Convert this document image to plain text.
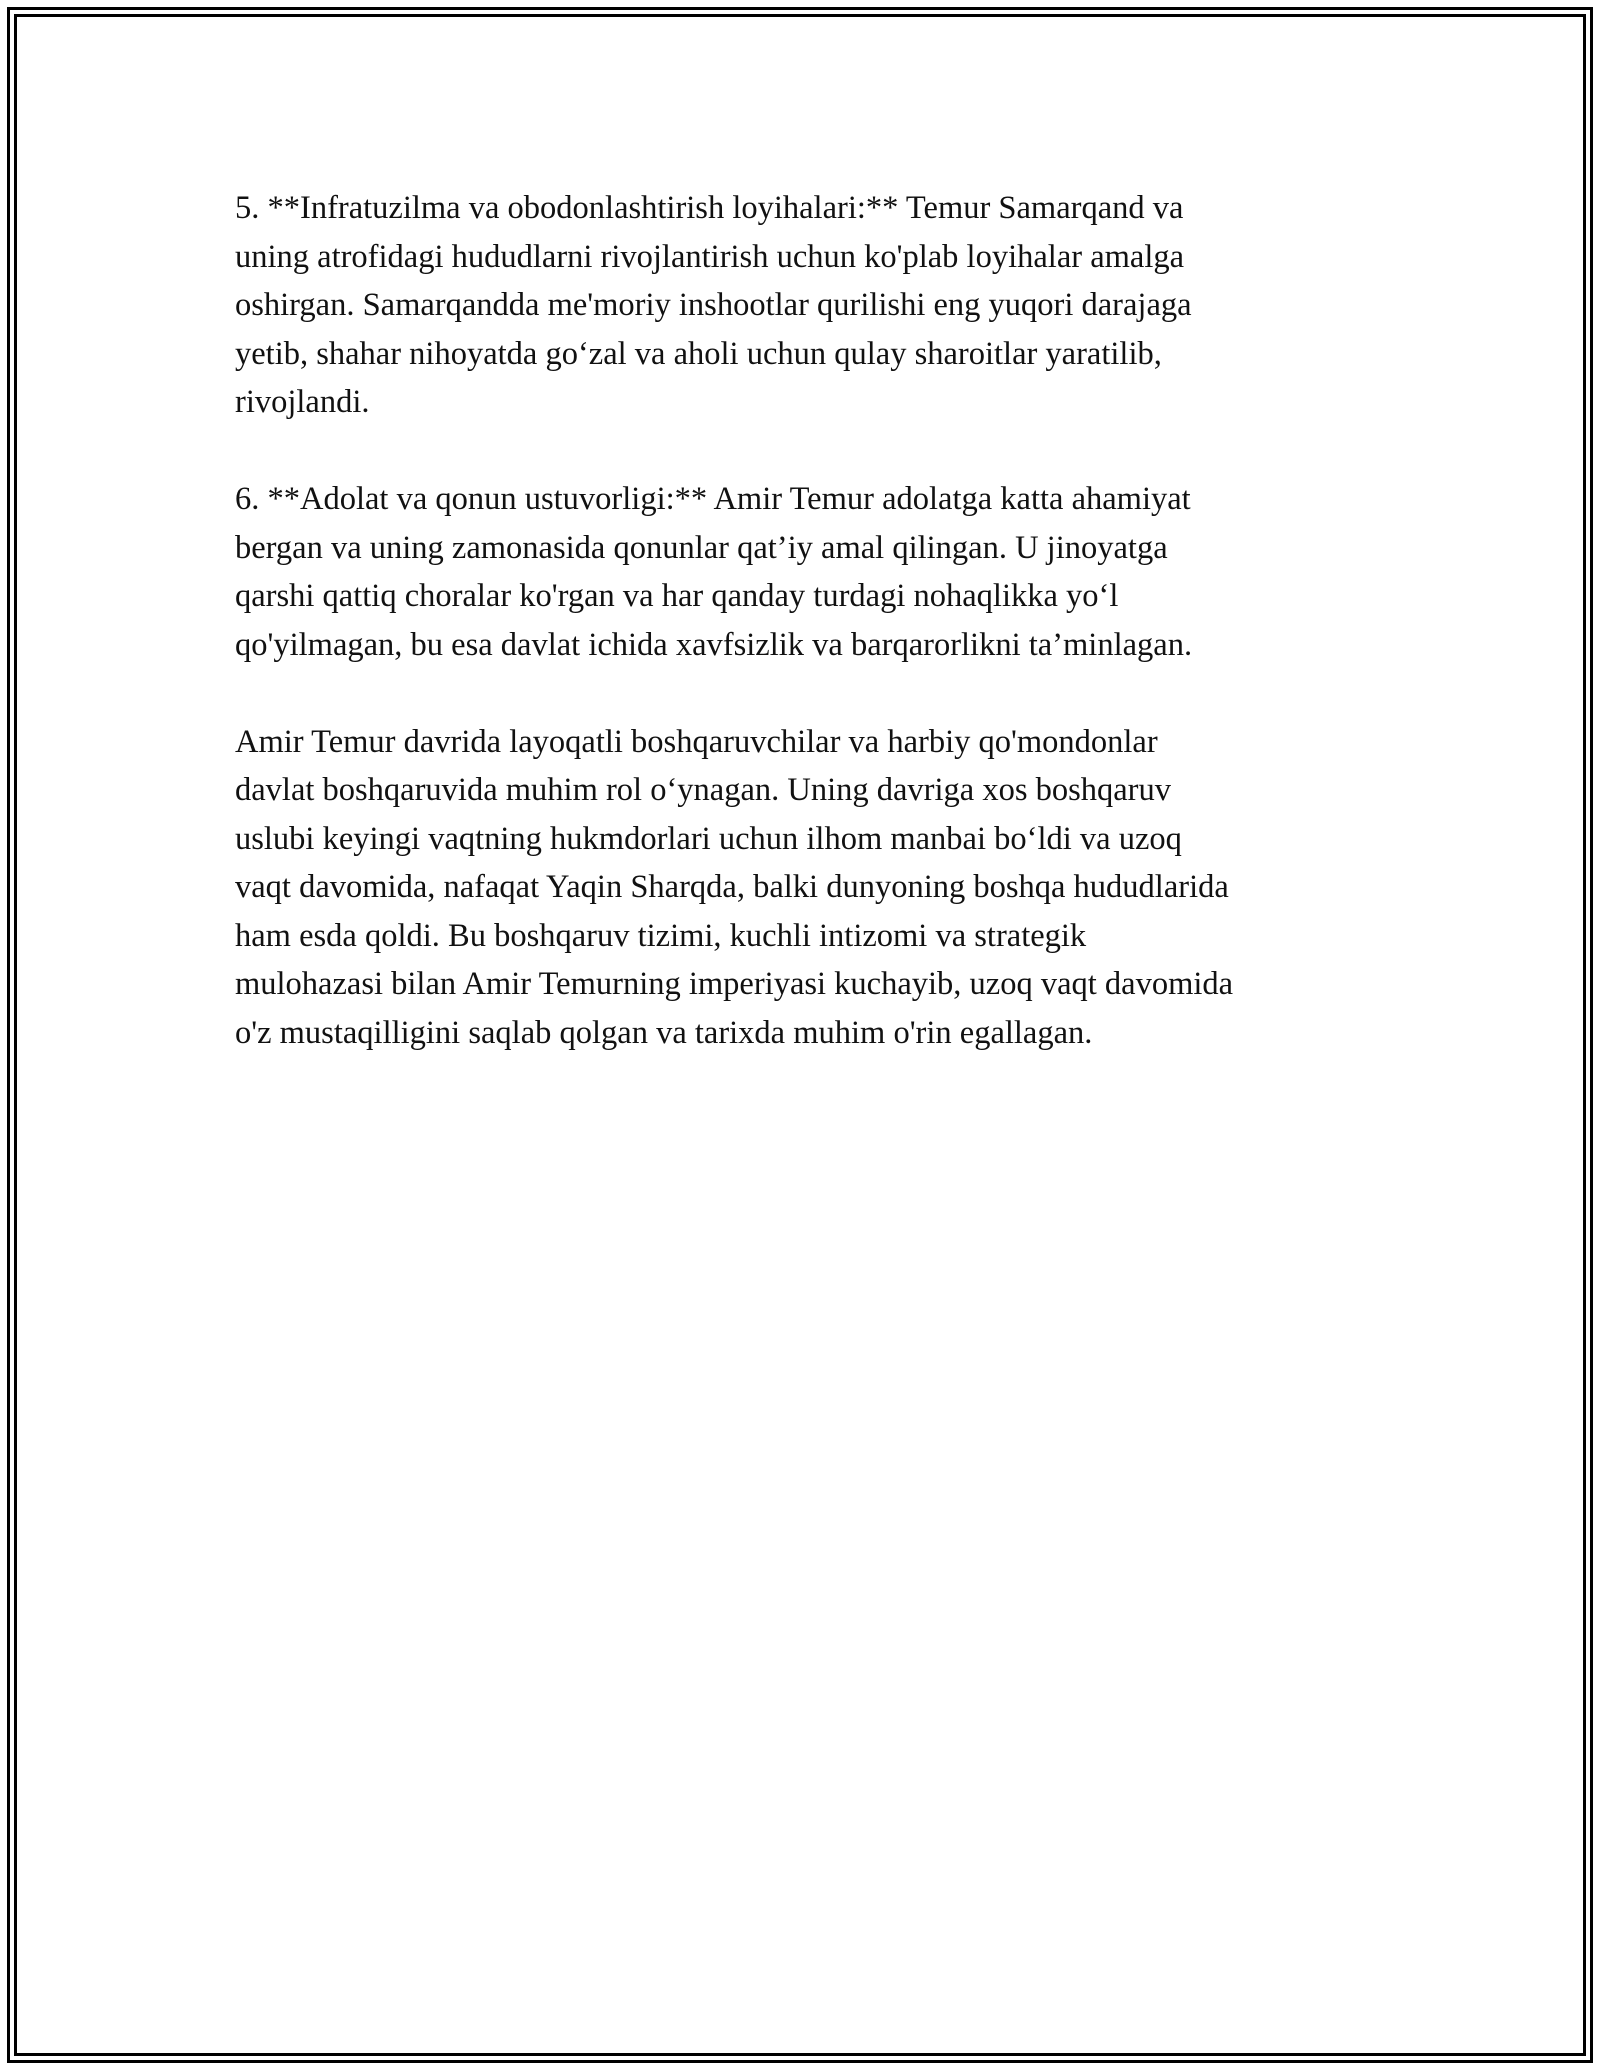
5. **Infratuzilma va obodonlashtirish loyihalari:** Temur Samarqand va
uning atrofidagi hududlarni rivojlantirish uchun ko'plab loyihalar amalga
oshirgan. Samarqandda me'moriy inshootlar qurilishi eng yuqori darajaga
yetib, shahar nihoyatda go‘zal va aholi uchun qulay sharoitlar yaratilib,
rivojlandi.

6. **Adolat va qonun ustuvorligi:** Amir Temur adolatga katta ahamiyat
bergan va uning zamonasida qonunlar qat’iy amal qilingan. U jinoyatga
qarshi qattiq choralar ko'rgan va har qanday turdagi nohaqlikka yo‘l
qo'yilmagan, bu esa davlat ichida xavfsizlik va barqarorlikni ta’minlagan.

Amir Temur davrida layoqatli boshqaruvchilar va harbiy qo'mondonlar
davlat boshqaruvida muhim rol o‘ynagan. Uning davriga xos boshqaruv
uslubi keyingi vaqtning hukmdorlari uchun ilhom manbai bo‘ldi va uzoq
vaqt davomida, nafaqat Yaqin Sharqda, balki dunyoning boshqa hududlarida
ham esda qoldi. Bu boshqaruv tizimi, kuchli intizomi va strategik
mulohazasi bilan Amir Temurning imperiyasi kuchayib, uzoq vaqt davomida
o'z mustaqilligini saqlab qolgan va tarixda muhim o'rin egallagan.
